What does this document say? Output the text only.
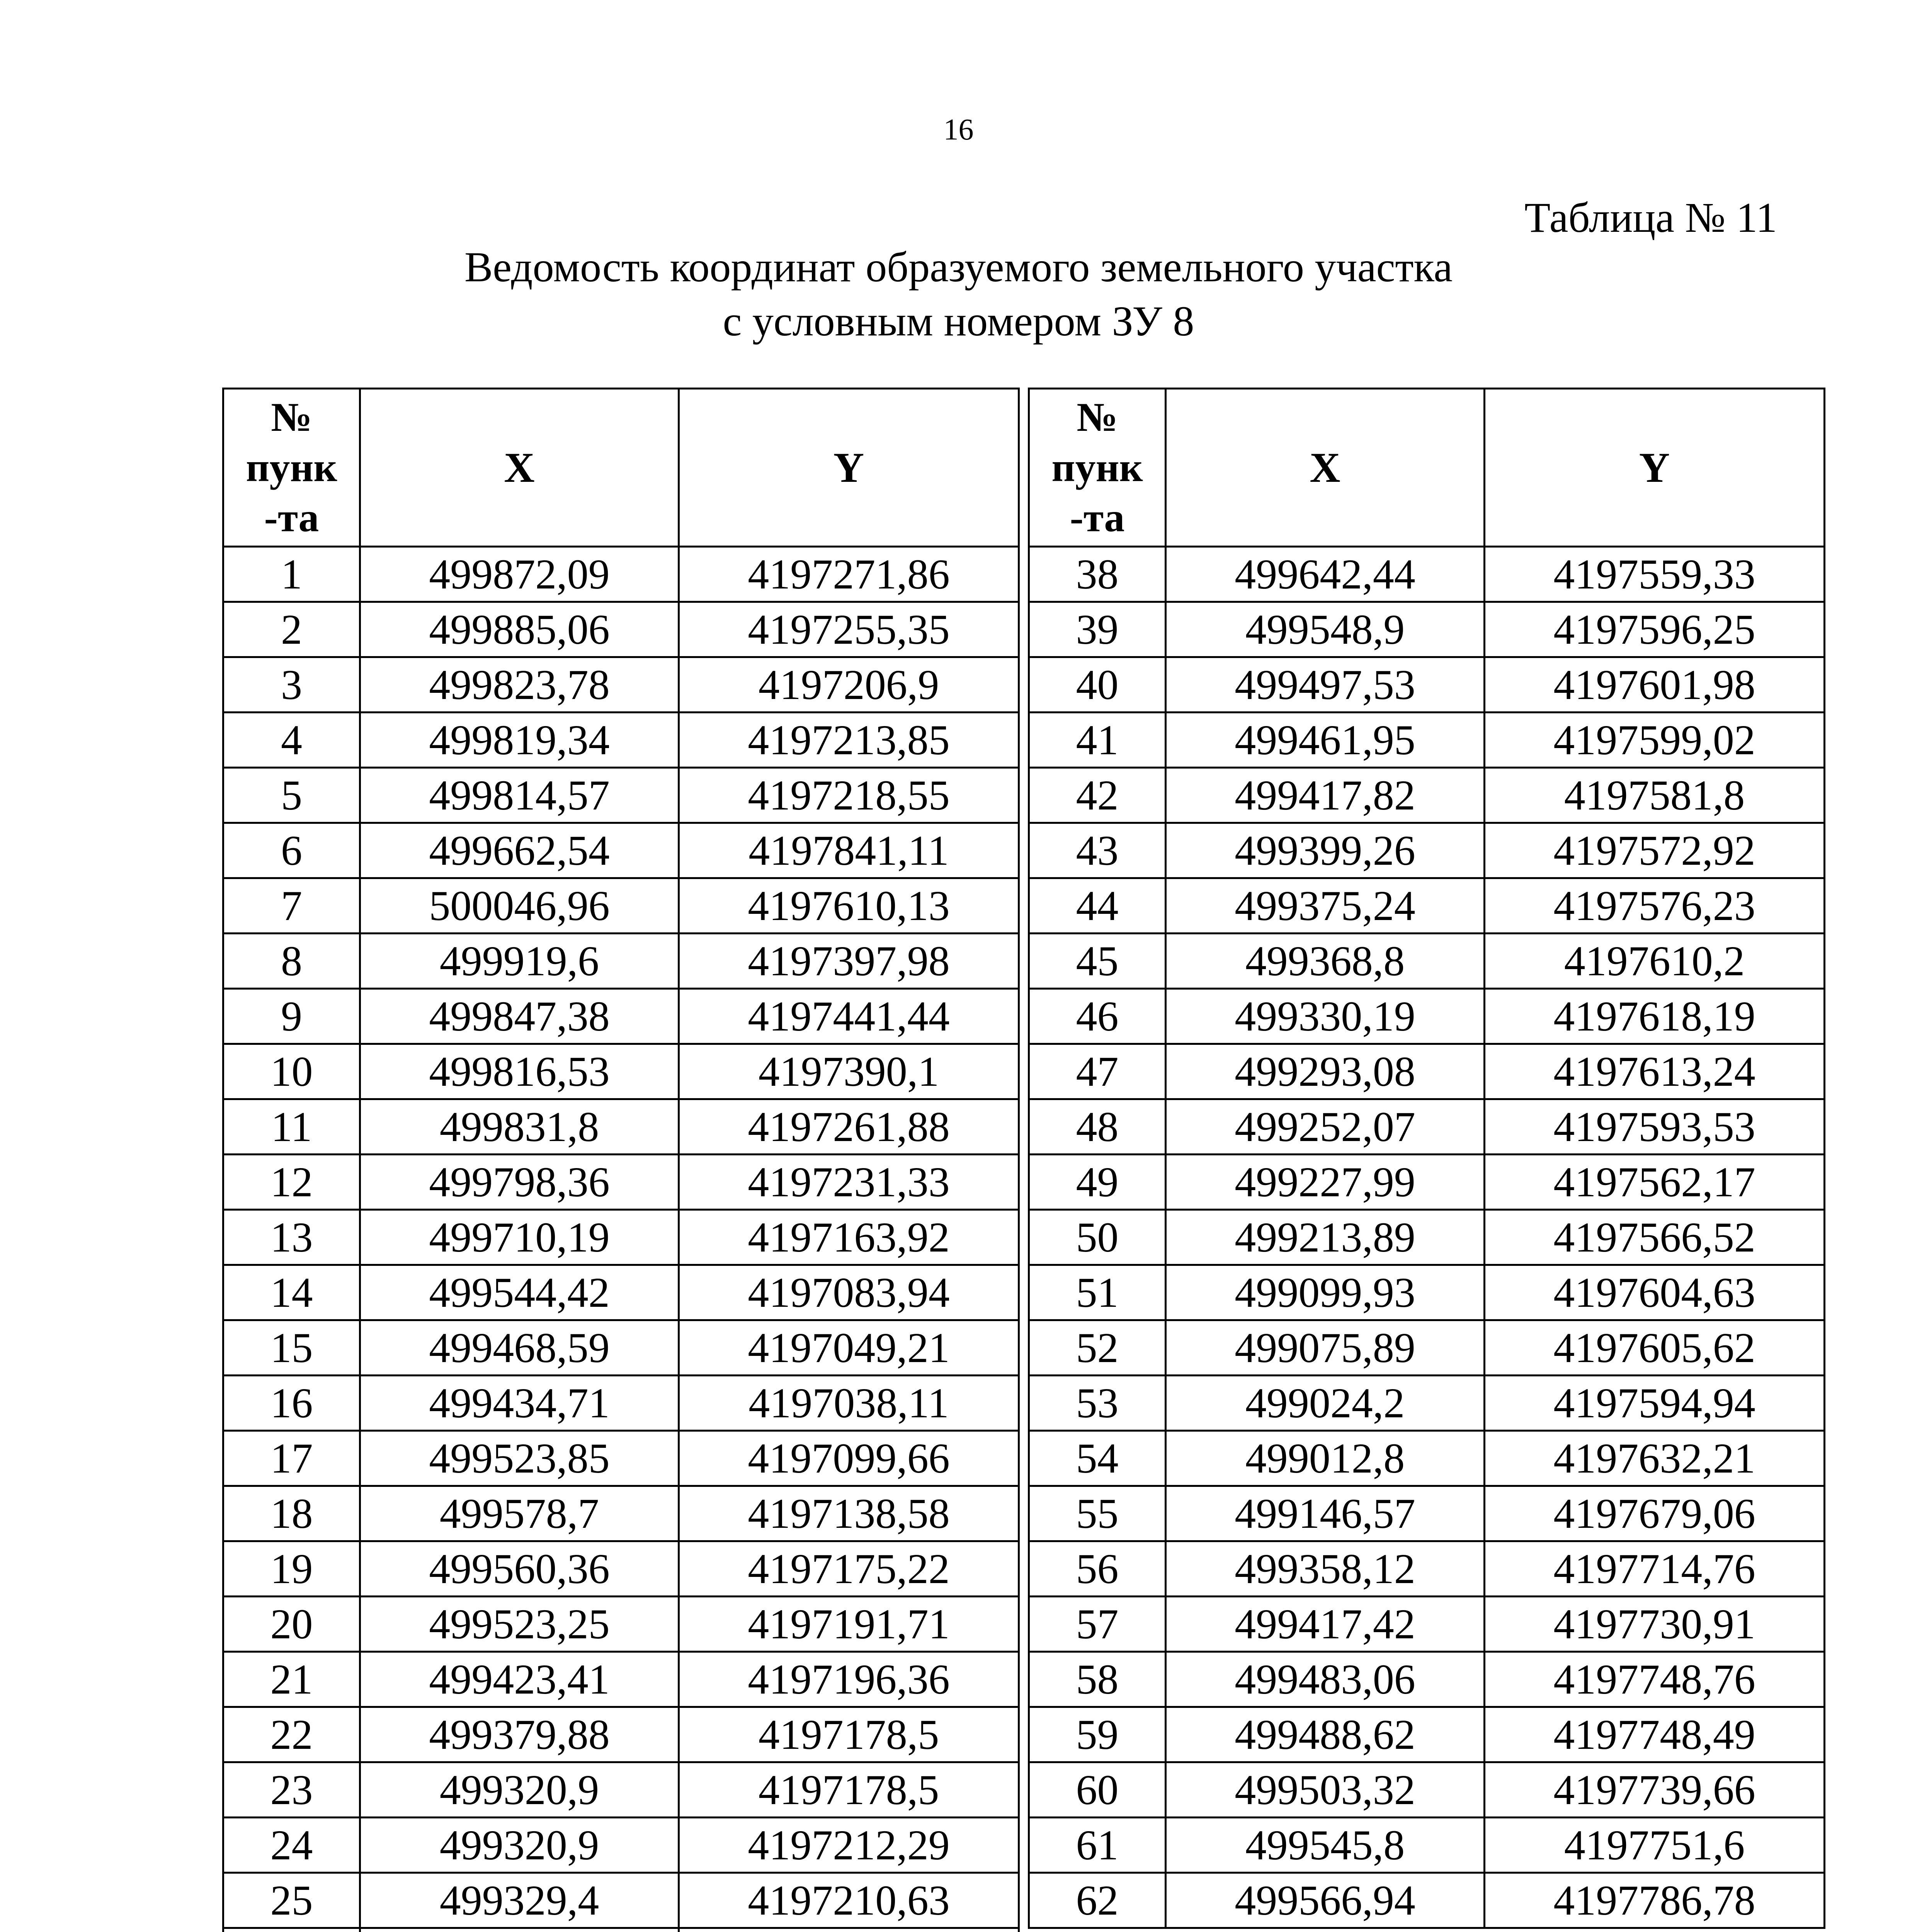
16
Таблица № 11
Ведомость координат образуемого земельного участка
с условным номером ЗУ 8
№
пунк
-та	X	Y
1	499872,09	4197271,86
2	499885,06	4197255,35
3	499823,78	4197206,9
4	499819,34	4197213,85
5	499814,57	4197218,55
6	499662,54	4197841,11
7	500046,96	4197610,13
8	499919,6	4197397,98
9	499847,38	4197441,44
10	499816,53	4197390,1
11	499831,8	4197261,88
12	499798,36	4197231,33
13	499710,19	4197163,92
14	499544,42	4197083,94
15	499468,59	4197049,21
16	499434,71	4197038,11
17	499523,85	4197099,66
18	499578,7	4197138,58
19	499560,36	4197175,22
20	499523,25	4197191,71
21	499423,41	4197196,36
22	499379,88	4197178,5
23	499320,9	4197178,5
24	499320,9	4197212,29
25	499329,4	4197210,63

№
пунк
-та	X	Y
38	499642,44	4197559,33
39	499548,9	4197596,25
40	499497,53	4197601,98
41	499461,95	4197599,02
42	499417,82	4197581,8
43	499399,26	4197572,92
44	499375,24	4197576,23
45	499368,8	4197610,2
46	499330,19	4197618,19
47	499293,08	4197613,24
48	499252,07	4197593,53
49	499227,99	4197562,17
50	499213,89	4197566,52
51	499099,93	4197604,63
52	499075,89	4197605,62
53	499024,2	4197594,94
54	499012,8	4197632,21
55	499146,57	4197679,06
56	499358,12	4197714,76
57	499417,42	4197730,91
58	499483,06	4197748,76
59	499488,62	4197748,49
60	499503,32	4197739,66
61	499545,8	4197751,6
62	499566,94	4197786,78
